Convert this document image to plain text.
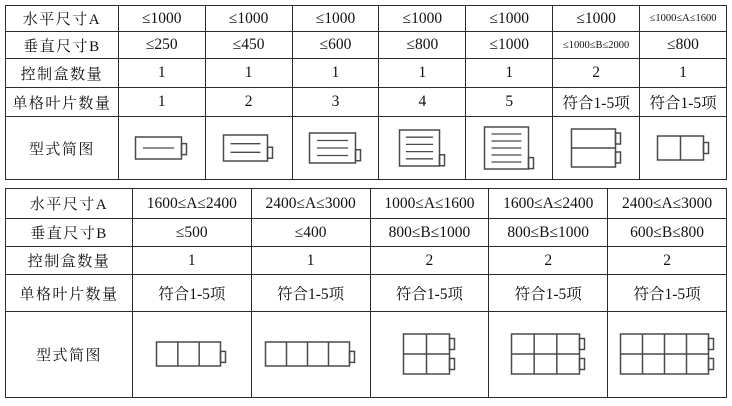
水平尺寸A	≤1000	≤1000	≤1000	≤1000	≤1000	≤1000	≤1000≤A≤1600
垂直尺寸B	≤250	≤450	≤600	≤800	≤1000	≤1000≤B≤2000	≤800
控制盒数量	1	1	1	1	1	2	1
单格叶片数量	1	2	3	4	5	符合1-5项	符合1-5项
型式简图							
水平尺寸A	1600≤A≤2400	2400≤A≤3000	1000≤A≤1600	1600≤A≤2400	2400≤A≤3000
垂直尺寸B	≤500	≤400	800≤B≤1000	800≤B≤1000	600≤B≤800
控制盒数量	1	1	2	2	2
单格叶片数量	符合1-5项	符合1-5项	符合1-5项	符合1-5项	符合1-5项
型式简图					
